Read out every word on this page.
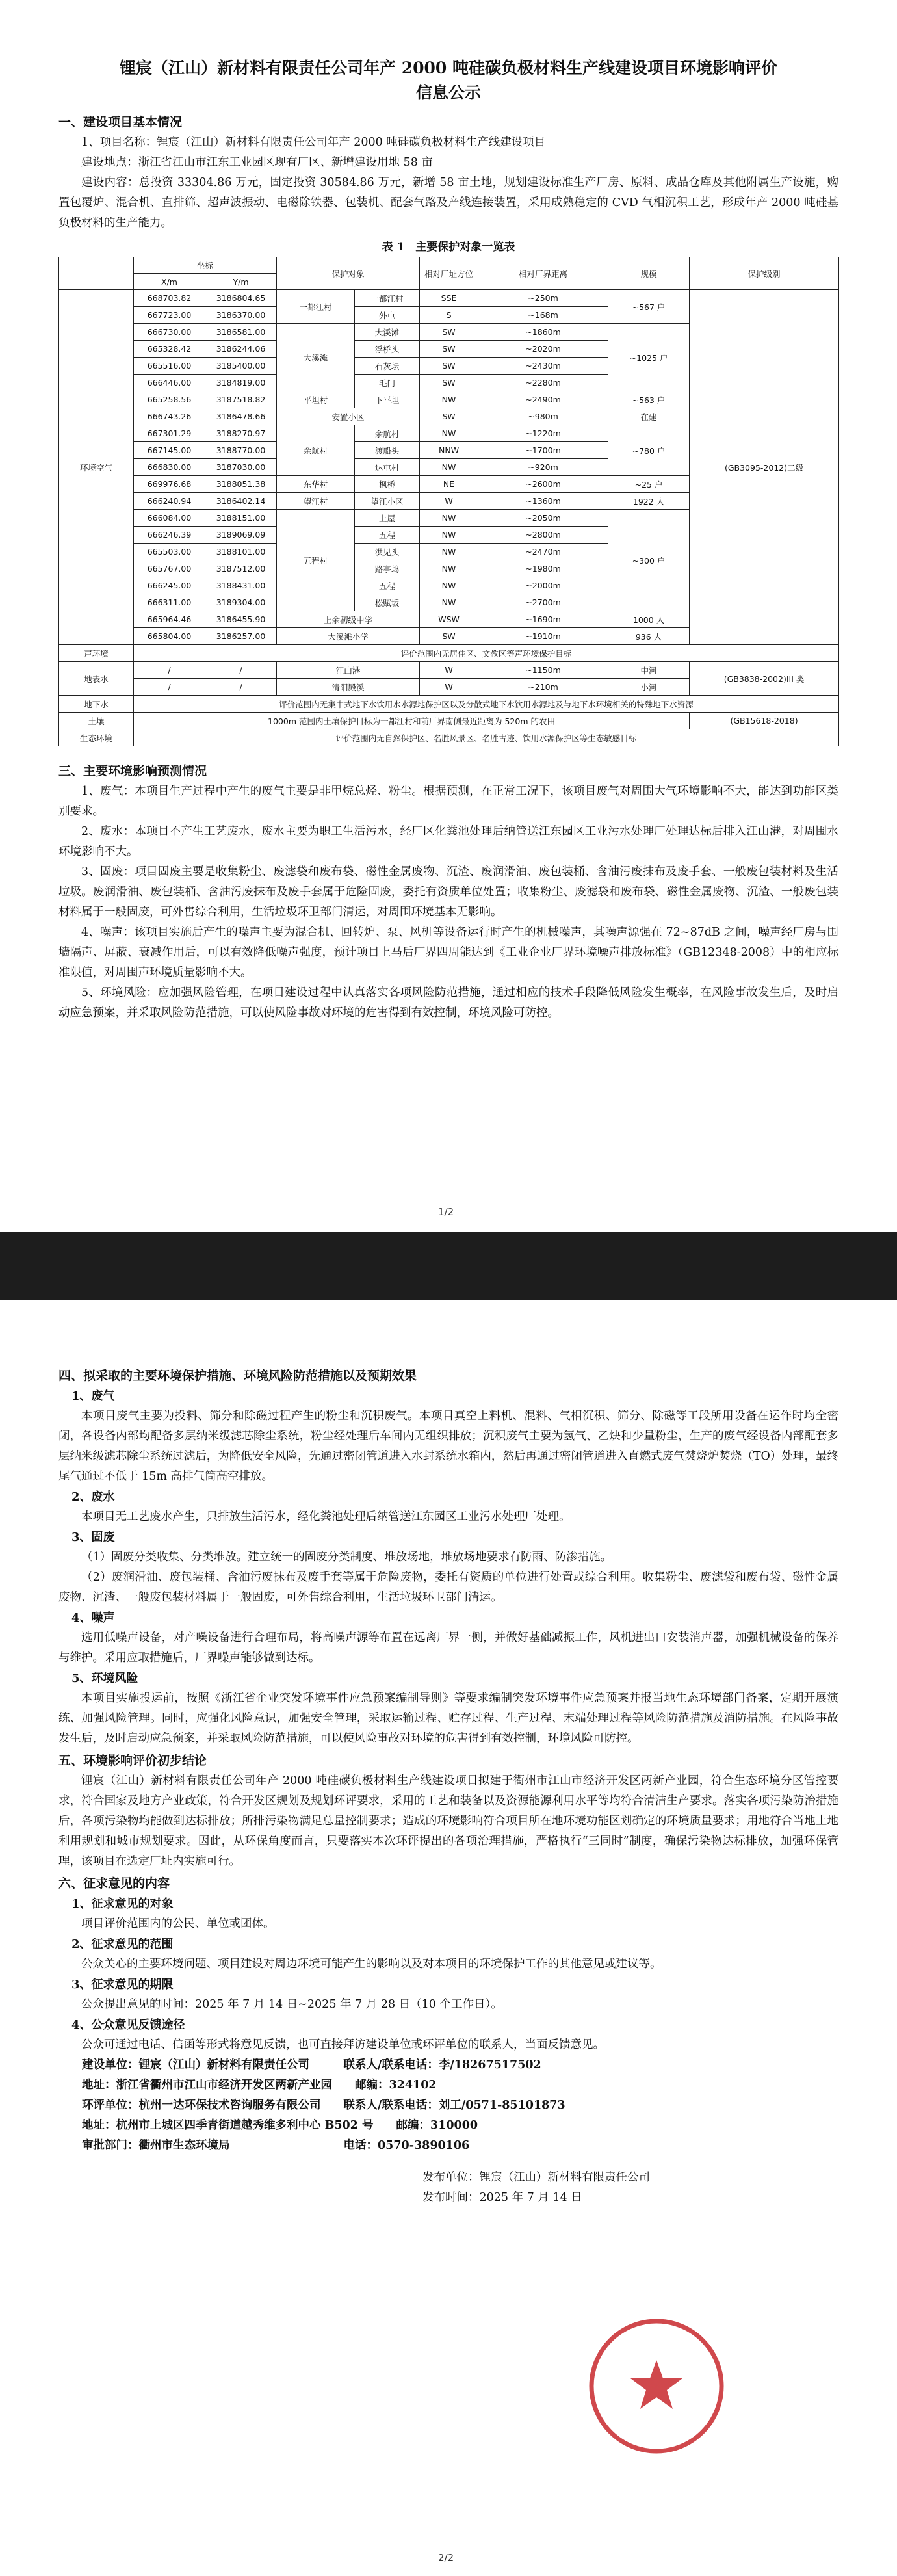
锂宸（江山）新材料有限责任公司年产 2000 吨硅碳负极材料生产线建设项目环境影响评价
信息公示
一、建设项目基本情况

1、项目名称：锂宸（江山）新材料有限责任公司年产 2000 吨硅碳负极材料生产线建设项目

建设地点：浙江省江山市江东工业园区现有厂区、新增建设用地 58 亩

建设内容：总投资 33304.86 万元，固定投资 30584.86 万元，新增 58 亩土地，规划建设标准生产厂房、原料、成品仓库及其他附属生产设施，购置包覆炉、混合机、直排筛、超声波振动、电磁除铁器、包装机、配套气路及产线连接装置，采用成熟稳定的 CVD 气相沉积工艺，形成年产 2000 吨硅基负极材料的生产能力。

表 1　主要保护对象一览表
	坐标		保护对象		相对厂址方位	相对厂界距离	规模	保护级别
	X/m	Y/m						
环境空气	668703.82	3186804.65	一都江村	一都江村	SSE	~250m	~567 户	(GB3095-2012)二级
	667723.00	3186370.00		外屯	S	~168m		
	666730.00	3186581.00	大溪滩	大溪滩	SW	~1860m	~1025 户	
	665328.42	3186244.06		浮桥头	SW	~2020m		
	665516.00	3185400.00		石灰坛	SW	~2430m		
	666446.00	3184819.00		毛门	SW	~2280m		
	665258.56	3187518.82	平坦村	下平坦	NW	~2490m	~563 户	
	666743.26	3186478.66	安置小区		SW	~980m	在建	
	667301.29	3188270.97	余航村	余航村	NW	~1220m	~780 户	
	667145.00	3188770.00		渡船头	NNW	~1700m		
	666830.00	3187030.00		达屯村	NW	~920m		
	669976.68	3188051.38	东华村	枫桥	NE	~2600m	~25 户	
	666240.94	3186402.14	望江村	望江小区	W	~1360m	1922 人	
	666084.00	3188151.00	五程村	上屋	NW	~2050m	~300 户	
	666246.39	3189069.09		五程	NW	~2800m		
	665503.00	3188101.00		洪见头	NW	~2470m		
	665767.00	3187512.00		路亭坞	NW	~1980m		
	666245.00	3188431.00		五程	NW	~2000m		
	666311.00	3189304.00		松赋坂	NW	~2700m		
	665964.46	3186455.90	上余初级中学		WSW	~1690m	1000 人	
	665804.00	3186257.00	大溪滩小学		SW	~1910m	936 人	
声环境	评价范围内无居住区、文教区等声环境保护目标							
地表水	/	/	江山港		W	~1150m	中河	(GB3838-2002)III 类
	/	/	清阳殿溪		W	~210m	小河	
地下水	评价范围内无集中式地下水饮用水水源地保护区以及分散式地下水饮用水源地及与地下水环境相关的特殊地下水资源							
土壤	1000m 范围内土壤保护目标为一都江村和前厂界南侧最近距离为 520m 的农田							(GB15618-2018)
生态环境	评价范围内无自然保护区、名胜风景区、名胜古迹、饮用水源保护区等生态敏感目标							
三、主要环境影响预测情况

1、废气：本项目生产过程中产生的废气主要是非甲烷总烃、粉尘。根据预测，在正常工况下，该项目废气对周围大气环境影响不大，能达到功能区类别要求。

2、废水：本项目不产生工艺废水，废水主要为职工生活污水，经厂区化粪池处理后纳管送江东园区工业污水处理厂处理达标后排入江山港，对周围水环境影响不大。

3、固废：项目固废主要是收集粉尘、废滤袋和废布袋、磁性金属废物、沉渣、废润滑油、废包装桶、含油污废抹布及废手套、一般废包装材料及生活垃圾。废润滑油、废包装桶、含油污废抹布及废手套属于危险固废，委托有资质单位处置；收集粉尘、废滤袋和废布袋、磁性金属废物、沉渣、一般废包装材料属于一般固废，可外售综合利用，生活垃圾环卫部门清运，对周围环境基本无影响。

4、噪声：该项目实施后产生的噪声主要为混合机、回转炉、泵、风机等设备运行时产生的机械噪声，其噪声源强在 72~87dB 之间，噪声经厂房与围墙隔声、屏蔽、衰减作用后，可以有效降低噪声强度，预计项目上马后厂界四周能达到《工业企业厂界环境噪声排放标准》（GB12348-2008）中的相应标准限值，对周围声环境质量影响不大。

5、环境风险：应加强风险管理，在项目建设过程中认真落实各项风险防范措施，通过相应的技术手段降低风险发生概率，在风险事故发生后，及时启动应急预案，并采取风险防范措施，可以使风险事故对环境的危害得到有效控制，环境风险可防控。

1/2
四、拟采取的主要环境保护措施、环境风险防范措施以及预期效果
1、废气

本项目废气主要为投料、筛分和除磁过程产生的粉尘和沉积废气。本项目真空上料机、混料、气相沉积、筛分、除磁等工段所用设备在运作时均全密闭，各设备内部均配备多层纳米级滤芯除尘系统，粉尘经处理后车间内无组织排放；沉积废气主要为氢气、乙炔和少量粉尘，生产的废气经设备内部配套多层纳米级滤芯除尘系统过滤后，为降低安全风险，先通过密闭管道进入水封系统水箱内，然后再通过密闭管道进入直燃式废气焚烧炉焚烧（TO）处理，最终尾气通过不低于 15m 高排气筒高空排放。

2、废水

本项目无工艺废水产生，只排放生活污水，经化粪池处理后纳管送江东园区工业污水处理厂处理。

3、固废

（1）固废分类收集、分类堆放。建立统一的固废分类制度、堆放场地，堆放场地要求有防雨、防渗措施。

（2）废润滑油、废包装桶、含油污废抹布及废手套等属于危险废物，委托有资质的单位进行处置或综合利用。收集粉尘、废滤袋和废布袋、磁性金属废物、沉渣、一般废包装材料属于一般固废，可外售综合利用，生活垃圾环卫部门清运。

4、噪声

选用低噪声设备，对产噪设备进行合理布局，将高噪声源等布置在远离厂界一侧，并做好基础减振工作，风机进出口安装消声器，加强机械设备的保养与维护。采用应取措施后，厂界噪声能够做到达标。

5、环境风险

本项目实施投运前，按照《浙江省企业突发环境事件应急预案编制导则》等要求编制突发环境事件应急预案并报当地生态环境部门备案，定期开展演练、加强风险管理。同时，应强化风险意识，加强安全管理，采取运输过程、贮存过程、生产过程、末端处理过程等风险防范措施及消防措施。在风险事故发生后，及时启动应急预案，并采取风险防范措施，可以使风险事故对环境的危害得到有效控制，环境风险可防控。

五、环境影响评价初步结论

锂宸（江山）新材料有限责任公司年产 2000 吨硅碳负极材料生产线建设项目拟建于衢州市江山市经济开发区两新产业园，符合生态环境分区管控要求，符合国家及地方产业政策，符合开发区规划及规划环评要求，采用的工艺和装备以及资源能源利用水平等均符合清洁生产要求。落实各项污染防治措施后，各项污染物均能做到达标排放；所排污染物满足总量控制要求；造成的环境影响符合项目所在地环境功能区划确定的环境质量要求；用地符合当地土地利用规划和城市规划要求。因此，从环保角度而言，只要落实本次环评提出的各项治理措施，严格执行“三同时”制度，确保污染物达标排放，加强环保管理，该项目在选定厂址内实施可行。

六、征求意见的内容
1、征求意见的对象

项目评价范围内的公民、单位或团体。

2、征求意见的范围

公众关心的主要环境问题、项目建设对周边环境可能产生的影响以及对本项目的环境保护工作的其他意见或建议等。

3、征求意见的期限

公众提出意见的时间：2025 年 7 月 14 日~2025 年 7 月 28 日（10 个工作日）。

4、公众意见反馈途径

公众可通过电话、信函等形式将意见反馈，也可直接拜访建设单位或环评单位的联系人，当面反馈意见。

建设单位：锂宸（江山）新材料有限责任公司　　　联系人/联系电话：李/18267517502
地址：浙江省衢州市江山市经济开发区两新产业园　　邮编：324102
环评单位：杭州一达环保技术咨询服务有限公司　　联系人/联系电话：刘工/0571-85101873
地址：杭州市上城区四季青街道越秀维多利中心 B502 号　　邮编：310000
审批部门：衢州市生态环境局　　　　　　　　　　电话：0570-3890106
发布单位：锂宸（江山）新材料有限责任公司
发布时间：2025 年 7 月 14 日
2/2
